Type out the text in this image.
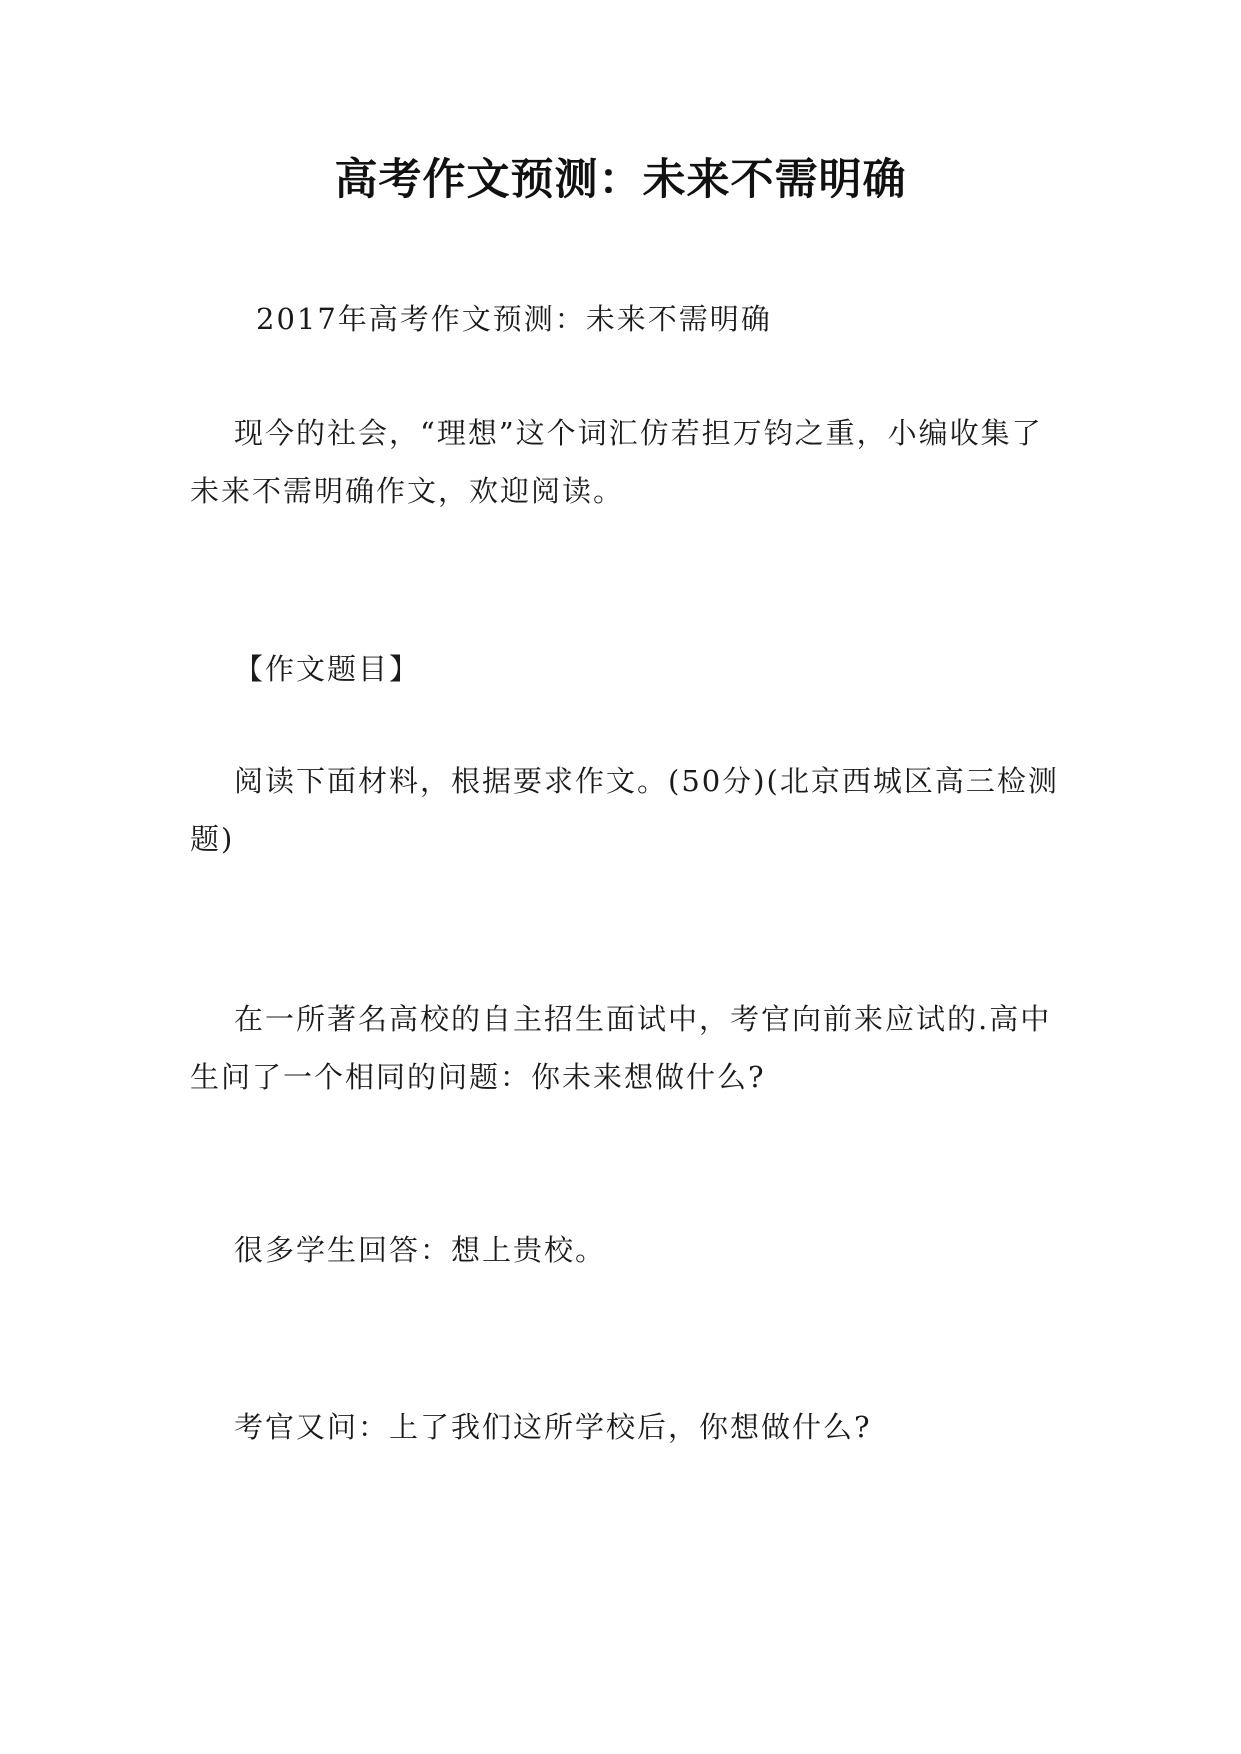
高考作文预测：未来不需明确
2017年高考作文预测：未来不需明确
现今的社会，“理想”这个词汇仿若担万钧之重，小编收集了未来不需明确作文，欢迎阅读。
【作文题目】
阅读下面材料，根据要求作文。(50分)(北京西城区高三检测题)
在一所著名高校的自主招生面试中，考官向前来应试的.高中生问了一个相同的问题：你未来想做什么?
很多学生回答：想上贵校。
考官又问：上了我们这所学校后，你想做什么?
